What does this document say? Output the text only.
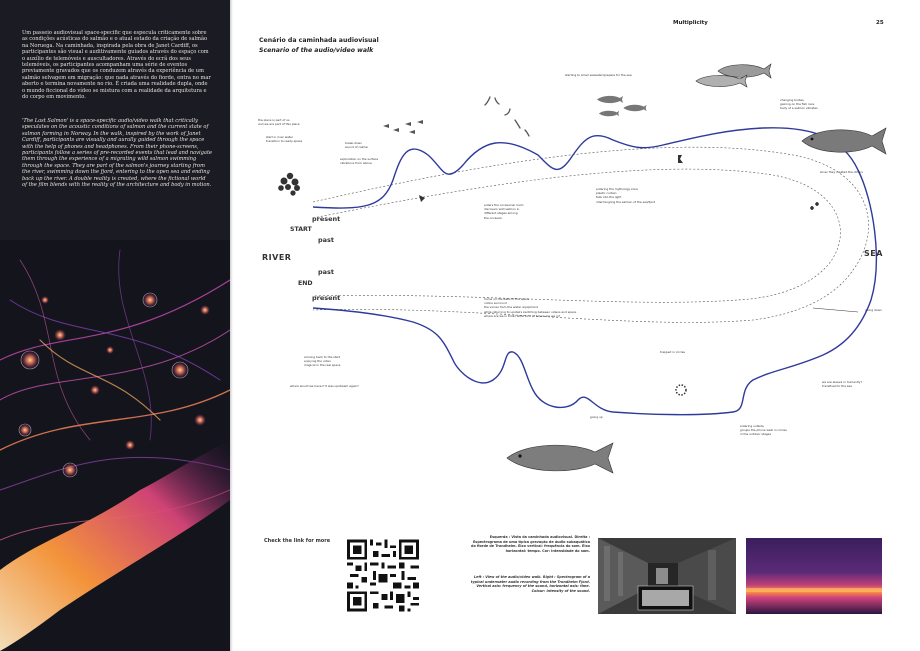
Um passeio audiovisual space-specific que especula criticamente sobre as condições acústicas do salmão e o atual estado da criação de salmão na Noruega. Na caminhada, inspirada pela obra de Janet Cardiff, os participantes são visual e auditivamente guiados através do espaço com o auxílio de telemóveis e auscultadores. Através do ecrã dos seus telemóveis, os participantes acompanham uma série de eventos previamente gravados que os conduzem através da experiência de um salmão selvagem em migração: que nada através do fiorde, entra no mar aberto e termina novamente no rio. É criada uma realidade dupla, onde o mundo ficcional do vídeo se mistura com a realidade da arquitetura e do corpo em movimento.

'The Last Salmon' is a space-specific audio/video walk that critically speculates on the acoustic conditions of salmon and the current state of salmon farming in Norway. In the walk, inspired by the work of Janet Cardiff, participants are visually and aurally guided through the space with the help of phones and headphones. From their phone-screens, participants follow a series of pre-recorded events that lead and navigate them through the experience of a migrating wild salmon swimming through the space. They are part of the salmon's journey starting from the river, swimming down the fjord, entering to the open sea and ending back up the river. A double reality is created, where the fictional world of the film blends with the reality of the architecture and body in motion.

Multiplicity	25
Cenário da caminhada audiovisual
Scenario of the audio/video walk
present
START
past
RIVER
past
END
present
SEA
starting to smell seawater/prepare for the sea
changing bodies
gaining on the fish race
body of a salmon vibrates
the place is part of us
and we are part of this place
start in river water
transition to ready-space	break-down
sound of calmer
exploration on the surface
vibrations from above
silver they created the others
entering the mythology zone
plastic curtain
falls into the light
intermingling the salmon of the sea/fjord
enters the occasional room
discovers wild salmon in
different stages among
the occasion
going down
home on the walls of the space
notice surround
the voices from the water equipment
while returning to upstairs switching between videos and space
where are we in time? what kind of future are we in?
trapped in circles
arriving back to the start
enjoying the video
magical in the real space
where would we have if it was upstream again?
going up
we are aleeva in humanity?
transfixed to the sea
entering outside
groups the phone walk in circles
in the outdoor stages
Check the link for more
Esquerda : Vista da caminhada audiovisual. Direita : Espectrograma de uma típica gravação de áudio subaquática do fiorde de Trondheim. Eixo vertical: frequência do som. Eixo horizontal: tempo. Cor: intensidade do som.
Left : View of the audio/video walk. Right : Spectrogram of a typical underwater audio recording from the Trondheim Fjord. Vertical axis: frequency of the sound, horizontal axis: time. Colour: intensity of the sound.
